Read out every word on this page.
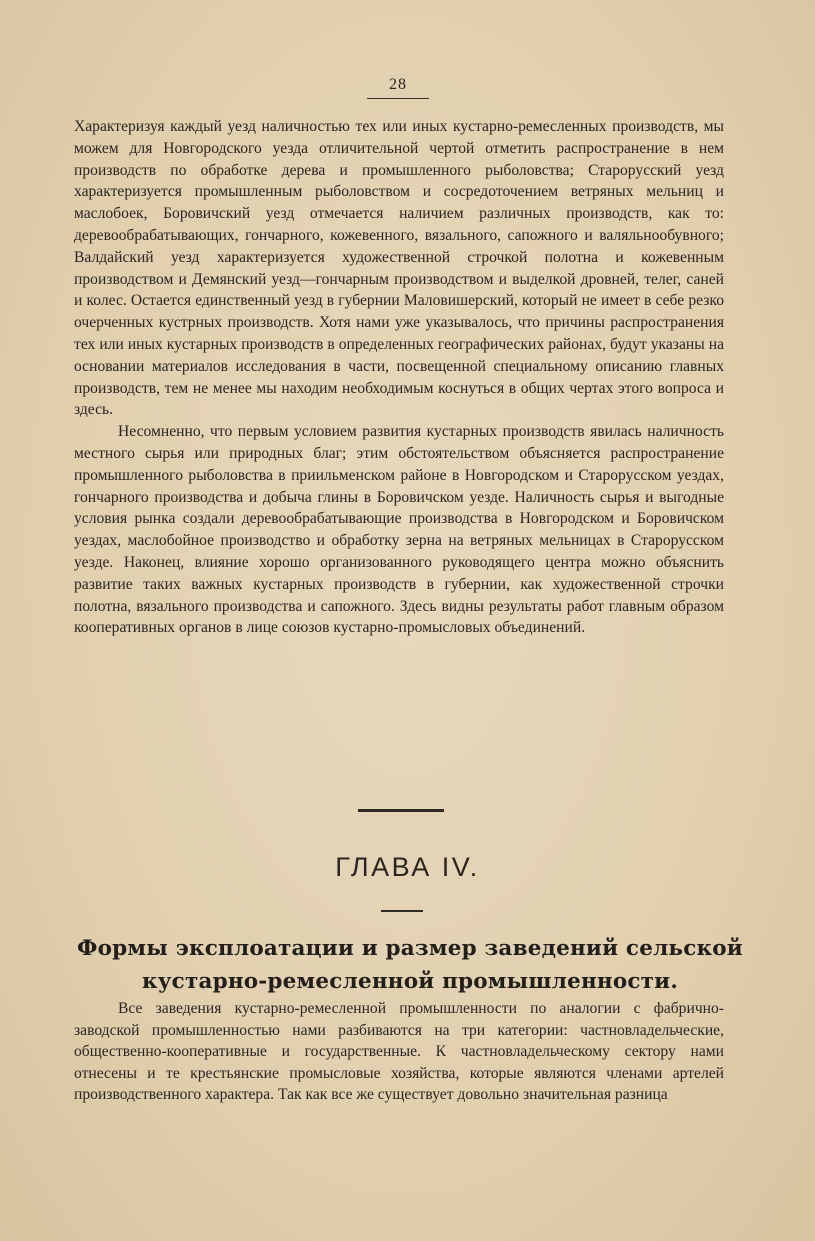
28

Характеризуя каждый уезд наличностью тех или иных кустарно-ремесленных производств, мы можем для Новгородского уезда отличительной чертой отметить распространение в нем производств по обработке дерева и промышленного рыболовства; Старорусский уезд характеризуется промышленным рыболовством и сосредоточением ветряных мельниц и маслобоек, Боровичский уезд отмечается наличием различных производств, как то: деревообрабатывающих, гончарного, кожевенного, вязального, сапожного и валяльнообувного; Валдайский уезд характеризуется художественной строчкой полотна и кожевенным производством и Демянский уезд—гончарным производством и выделкой дровней, телег, саней и колес. Остается единственный уезд в губернии Маловишерский, который не имеет в себе резко очерченных кустрных производств. Хотя нами уже указывалось, что причины распространения тех или иных кустарных производств в определенных географических районах, будут указаны на основании материалов исследования в части, посвещенной специальному описанию главных производств, тем не менее мы находим необходимым коснуться в общих чертах этого вопроса и здесь.

Несомненно, что первым условием развития кустарных производств явилась наличность местного сырья или природных благ; этим обстоятельством объясняется распространение промышленного рыболовства в приильменском районе в Новгородском и Старорусском уездах, гончарного производства и добыча глины в Боровичском уезде. Наличность сырья и выгодные условия рынка создали деревообрабатывающие производства в Новгородском и Боровичском уездах, маслобойное производство и обработку зерна на ветряных мельницах в Старорусском уезде. Наконец, влияние хорошо организованного руководящего центра можно объяснить развитие таких важных кустарных производств в губернии, как художественной строчки полотна, вязального производства и сапожного. Здесь видны результаты работ главным образом кооперативных органов в лице союзов кустарно-промысловых объединений.

ГЛАВА IV.
Формы эксплоатации и размер заведений сельской
кустарно-ремесленной промышленности.

Все заведения кустарно-ремесленной промышленности по аналогии с фабрично-заводской промышленностью нами разбиваются на три категории: частновладельческие, общественно-кооперативные и государственные. К частновладельческому сектору нами отнесены и те крестьянские промысловые хозяйства, которые являются членами артелей производственного характера. Так как все же существует довольно значительная разница
